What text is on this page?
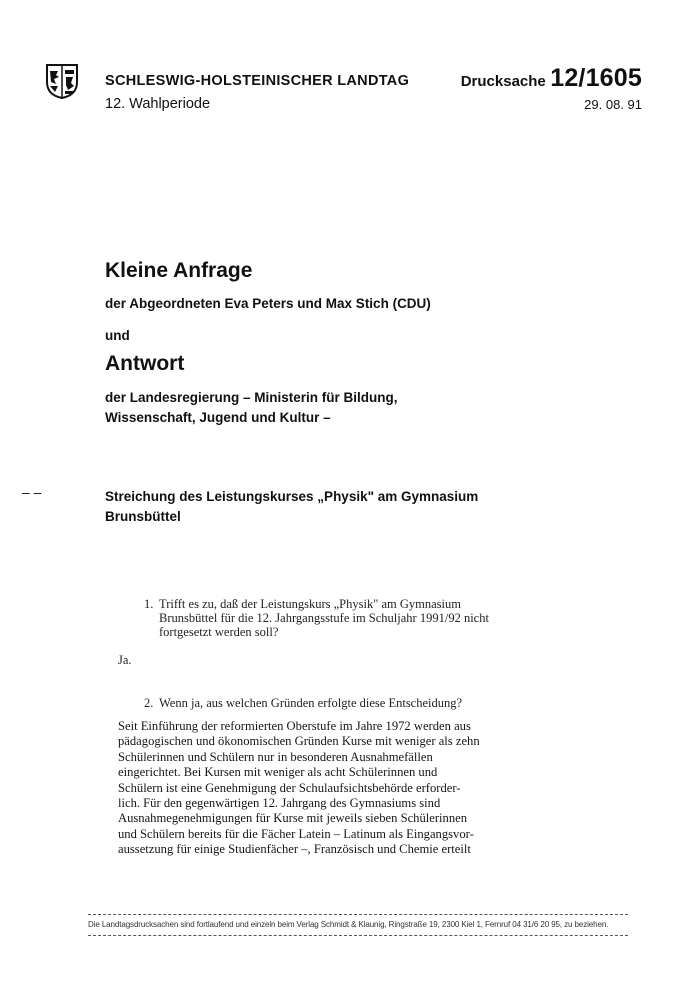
SCHLESWIG-HOLSTEINISCHER LANDTAG
12. Wahlperiode
Drucksache 12/1605
29. 08. 91
Kleine Anfrage
der Abgeordneten Eva Peters und Max Stich (CDU)
und
Antwort
der Landesregierung – Ministerin für Bildung,
Wissenschaft, Jugend und Kultur –
– –	Streichung des Leistungskurses „Physik" am Gymnasium
Brunsbüttel
1. Trifft es zu, daß der Leistungskurs „Physik" am Gymnasium
Brunsbüttel für die 12. Jahrgangsstufe im Schuljahr 1991/92 nicht
fortgesetzt werden soll?
Ja.
2. Wenn ja, aus welchen Gründen erfolgte diese Entscheidung?
Seit Einführung der reformierten Oberstufe im Jahre 1972 werden aus
pädagogischen und ökonomischen Gründen Kurse mit weniger als zehn
Schülerinnen und Schülern nur in besonderen Ausnahmefällen
eingerichtet. Bei Kursen mit weniger als acht Schülerinnen und
Schülern ist eine Genehmigung der Schulaufsichtsbehörde erforder-
lich. Für den gegenwärtigen 12. Jahrgang des Gymnasiums sind
Ausnahmegenehmigungen für Kurse mit jeweils sieben Schülerinnen
und Schülern bereits für die Fächer Latein – Latinum als Eingangsvor-
aussetzung für einige Studienfächer –, Französisch und Chemie erteilt
Die Landtagsdrucksachen sind fortlaufend und einzeln beim Verlag Schmidt & Klaunig, Ringstraße 19, 2300 Kiel 1, Fernruf 04 31/6 20 95, zu beziehen.
